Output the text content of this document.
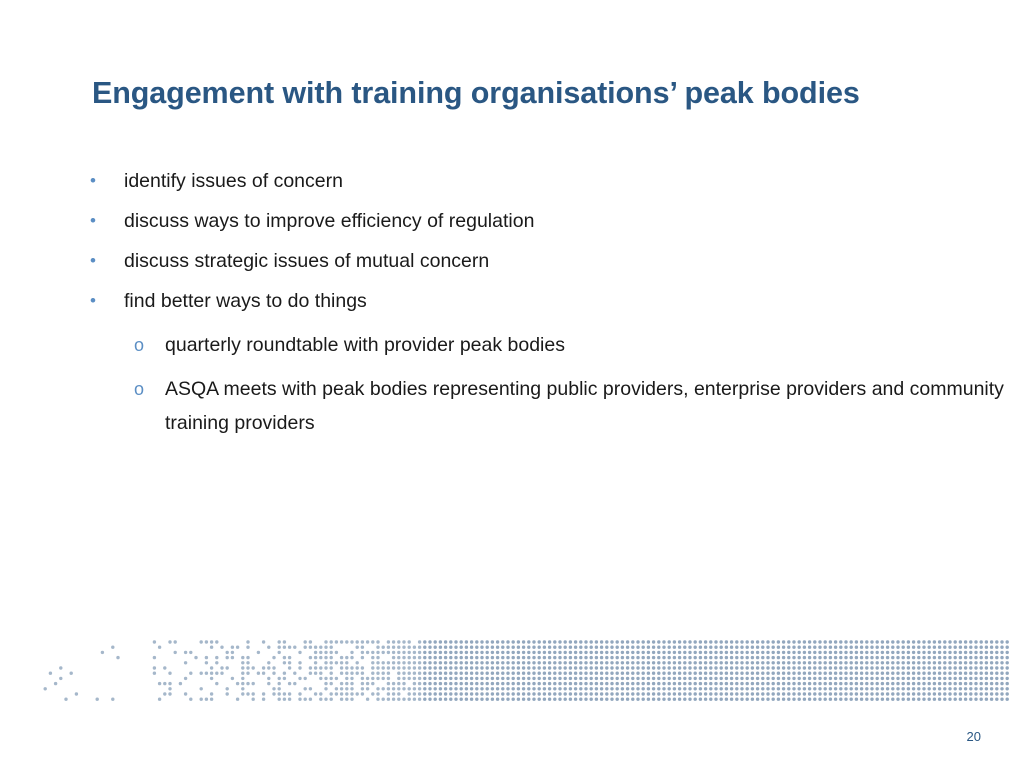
Engagement with training organisations’ peak bodies
• identify issues of concern
• discuss ways to improve efficiency of regulation
• discuss strategic issues of mutual concern
• find better ways to do things
o quarterly roundtable with provider peak bodies
o ASQA meets with peak bodies representing public providers, enterprise providers and community training providers
20
